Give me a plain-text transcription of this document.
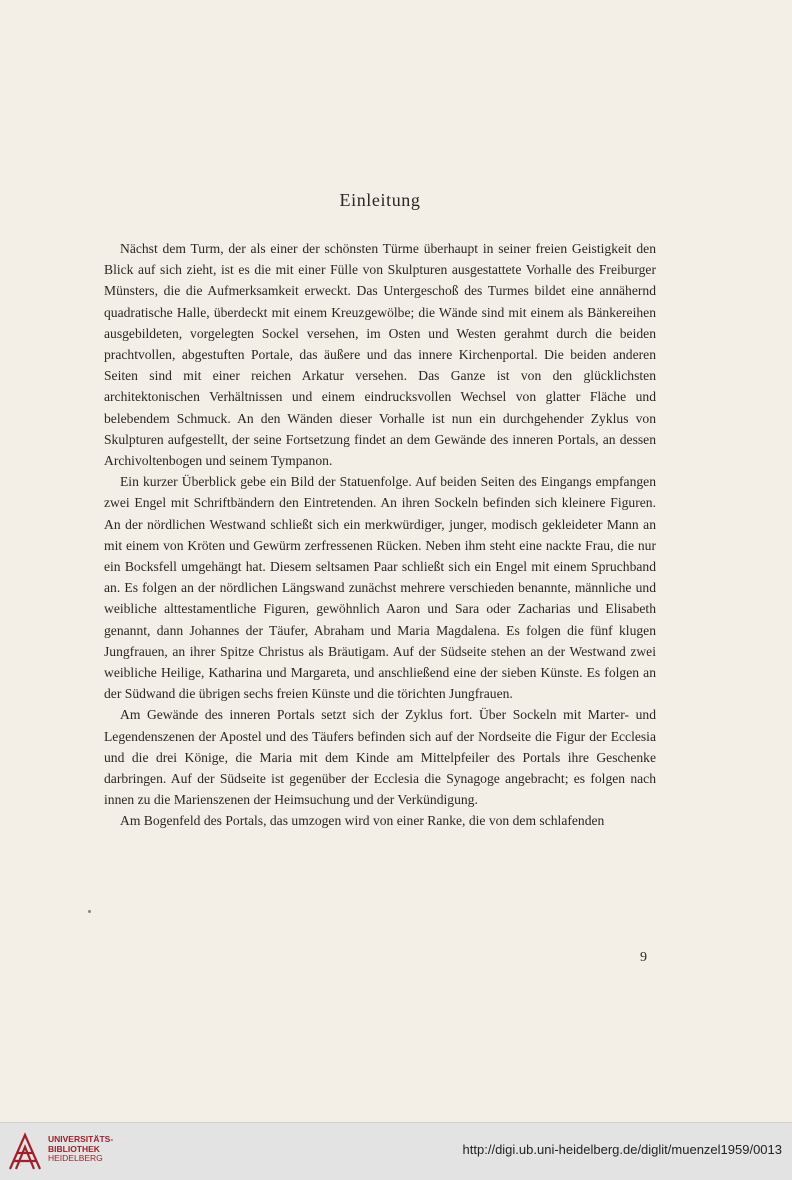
Einleitung

Nächst dem Turm, der als einer der schönsten Türme überhaupt in seiner freien Geistigkeit den Blick auf sich zieht, ist es die mit einer Fülle von Skulpturen ausgestattete Vorhalle des Freiburger Münsters, die die Aufmerksamkeit erweckt. Das Untergeschoß des Turmes bildet eine annähernd quadratische Halle, überdeckt mit einem Kreuzgewölbe; die Wände sind mit einem als Bänkereihen ausgebildeten, vorgelegten Sockel versehen, im Osten und Westen gerahmt durch die beiden prachtvollen, abgestuften Portale, das äußere und das innere Kirchenportal. Die beiden anderen Seiten sind mit einer reichen Arkatur versehen. Das Ganze ist von den glücklichsten architektonischen Verhältnissen und einem eindrucksvollen Wechsel von glatter Fläche und belebendem Schmuck. An den Wänden dieser Vorhalle ist nun ein durchgehender Zyklus von Skulpturen aufgestellt, der seine Fortsetzung findet an dem Gewände des inneren Portals, an dessen Archivoltenbogen und seinem Tympanon.

Ein kurzer Überblick gebe ein Bild der Statuenfolge. Auf beiden Seiten des Eingangs empfangen zwei Engel mit Schriftbändern den Eintretenden. An ihren Sockeln befinden sich kleinere Figuren. An der nördlichen Westwand schließt sich ein merkwürdiger, junger, modisch gekleideter Mann an mit einem von Kröten und Gewürm zerfressenen Rücken. Neben ihm steht eine nackte Frau, die nur ein Bocksfell umgehängt hat. Diesem seltsamen Paar schließt sich ein Engel mit einem Spruchband an. Es folgen an der nördlichen Längswand zunächst mehrere verschieden benannte, männliche und weibliche alttestamentliche Figuren, gewöhnlich Aaron und Sara oder Zacharias und Elisabeth genannt, dann Johannes der Täufer, Abraham und Maria Magdalena. Es folgen die fünf klugen Jungfrauen, an ihrer Spitze Christus als Bräutigam. Auf der Südseite stehen an der Westwand zwei weibliche Heilige, Katharina und Margareta, und anschließend eine der sieben Künste. Es folgen an der Südwand die übrigen sechs freien Künste und die törichten Jungfrauen.

Am Gewände des inneren Portals setzt sich der Zyklus fort. Über Sockeln mit Marter- und Legendenszenen der Apostel und des Täufers befinden sich auf der Nordseite die Figur der Ecclesia und die drei Könige, die Maria mit dem Kinde am Mittelpfeiler des Portals ihre Geschenke darbringen. Auf der Südseite ist gegenüber der Ecclesia die Synagoge angebracht; es folgen nach innen zu die Marienszenen der Heimsuchung und der Verkündigung.

Am Bogenfeld des Portals, das umzogen wird von einer Ranke, die von dem schlafenden

9
UNIVERSITÄTS-
BIBLIOTHEK
HEIDELBERG
http://digi.ub.uni-heidelberg.de/diglit/muenzel1959/0013
